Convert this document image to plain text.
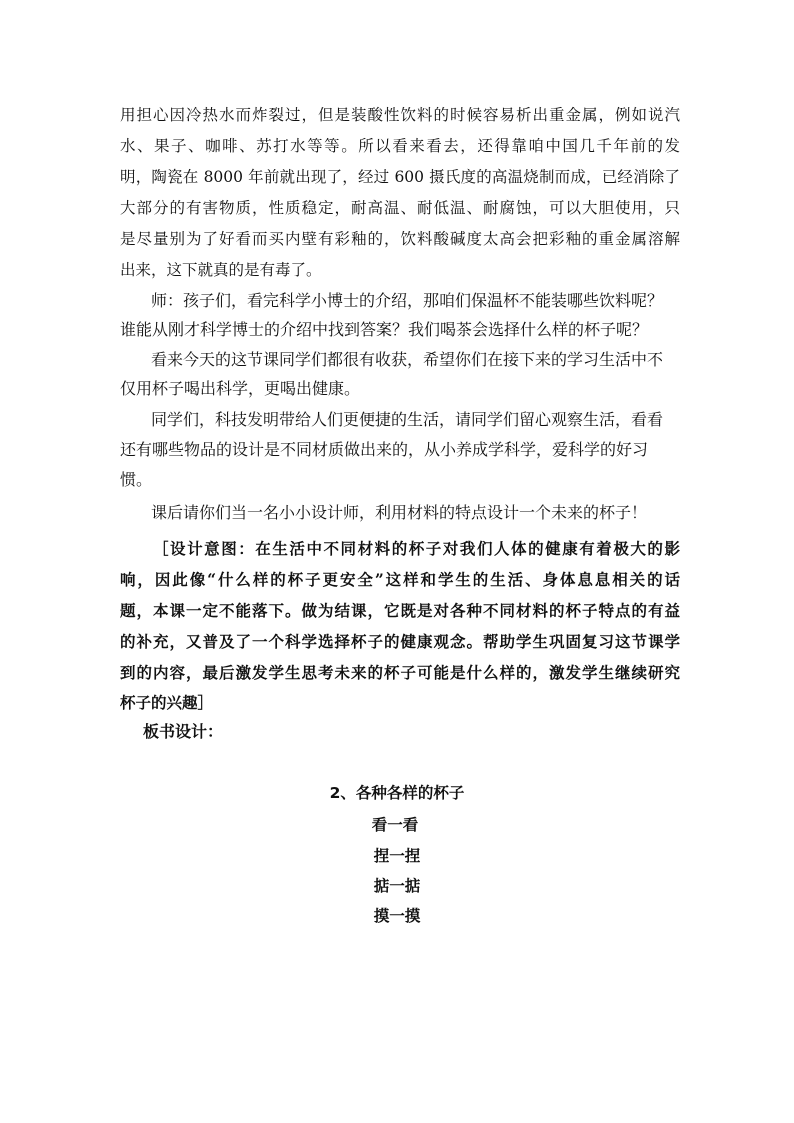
用担心因冷热水而炸裂过，但是装酸性饮料的时候容易析出重金属，例如说汽
水、果子、咖啡、苏打水等等。所以看来看去，还得靠咱中国几千年前的发
明，陶瓷在 8000 年前就出现了，经过 600 摄氏度的高温烧制而成，已经消除了
大部分的有害物质，性质稳定，耐高温、耐低温、耐腐蚀，可以大胆使用，只
是尽量别为了好看而买内壁有彩釉的，饮料酸碱度太高会把彩釉的重金属溶解
出来，这下就真的是有毒了。
师：孩子们，看完科学小博士的介绍，那咱们保温杯不能装哪些饮料呢？
谁能从刚才科学博士的介绍中找到答案？我们喝茶会选择什么样的杯子呢？
看来今天的这节课同学们都很有收获，希望你们在接下来的学习生活中不
仅用杯子喝出科学，更喝出健康。
同学们，科技发明带给人们更便捷的生活，请同学们留心观察生活，看看
还有哪些物品的设计是不同材质做出来的，从小养成学科学，爱科学的好习
惯。
课后请你们当一名小小设计师，利用材料的特点设计一个未来的杯子！
［设计意图：在生活中不同材料的杯子对我们人体的健康有着极大的影
响，因此像“什么样的杯子更安全”这样和学生的生活、身体息息相关的话
题，本课一定不能落下。做为结课，它既是对各种不同材料的杯子特点的有益
的补充，又普及了一个科学选择杯子的健康观念。帮助学生巩固复习这节课学
到的内容，最后激发学生思考未来的杯子可能是什么样的，激发学生继续研究
杯子的兴趣］
板书设计：
2、各种各样的杯子
看一看
捏一捏
掂一掂
摸一摸
